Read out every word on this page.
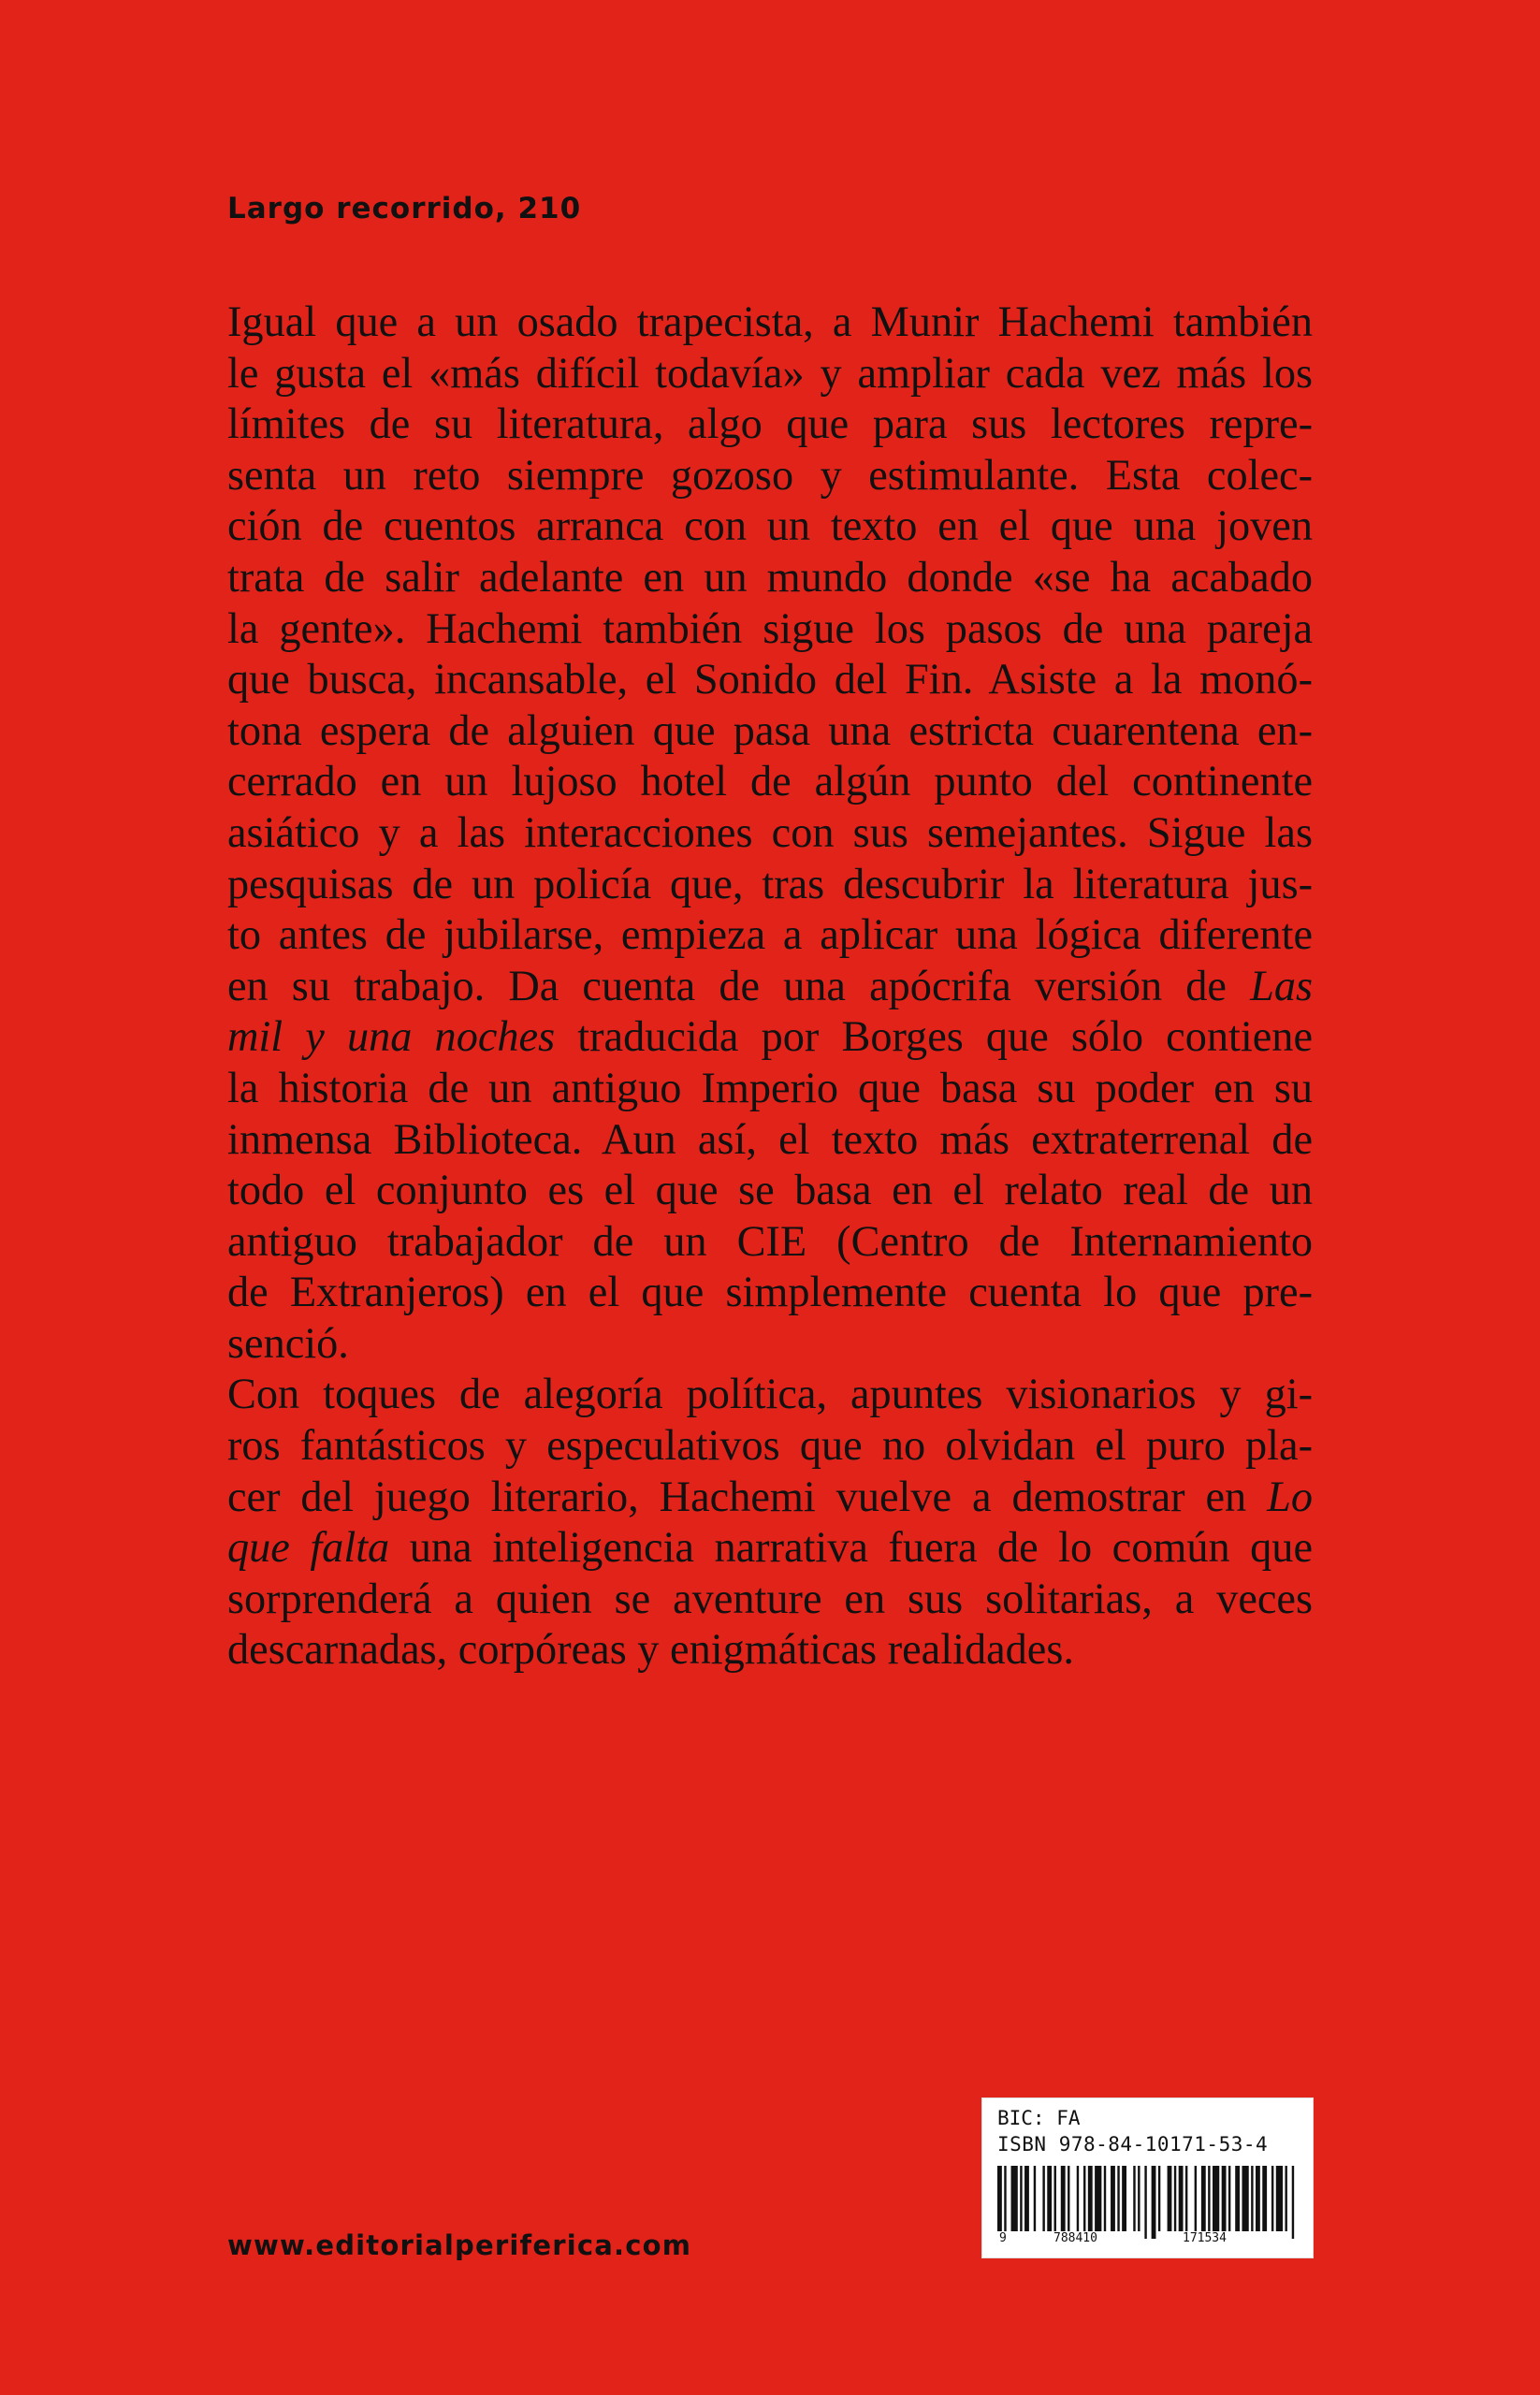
Largo recorrido, 210
Igual que a un osado trapecista, a Munir Hachemi también
le gusta el «más difícil todavía» y ampliar cada vez más los
límites de su literatura, algo que para sus lectores repre-
senta un reto siempre gozoso y estimulante. Esta colec-
ción de cuentos arranca con un texto en el que una joven
trata de salir adelante en un mundo donde «se ha acabado
la gente». Hachemi también sigue los pasos de una pareja
que busca, incansable, el Sonido del Fin. Asiste a la monó-
tona espera de alguien que pasa una estricta cuarentena en-
cerrado en un lujoso hotel de algún punto del continente
asiático y a las interacciones con sus semejantes. Sigue las
pesquisas de un policía que, tras descubrir la literatura jus-
to antes de jubilarse, empieza a aplicar una lógica diferente
en su trabajo. Da cuenta de una apócrifa versión de Las
mil y una noches traducida por Borges que sólo contiene
la historia de un antiguo Imperio que basa su poder en su
inmensa Biblioteca. Aun así, el texto más extraterrenal de
todo el conjunto es el que se basa en el relato real de un
antiguo trabajador de un CIE (Centro de Internamiento
de Extranjeros) en el que simplemente cuenta lo que pre-
senció.
Con toques de alegoría política, apuntes visionarios y gi-
ros fantásticos y especulativos que no olvidan el puro pla-
cer del juego literario, Hachemi vuelve a demostrar en Lo
que falta una inteligencia narrativa fuera de lo común que
sorprenderá a quien se aventure en sus solitarias, a veces
descarnadas, corpóreas y enigmáticas realidades.
BIC: FA
ISBN 978-84-10171-53-4
9	788410	171534
www.editorialperiferica.com
